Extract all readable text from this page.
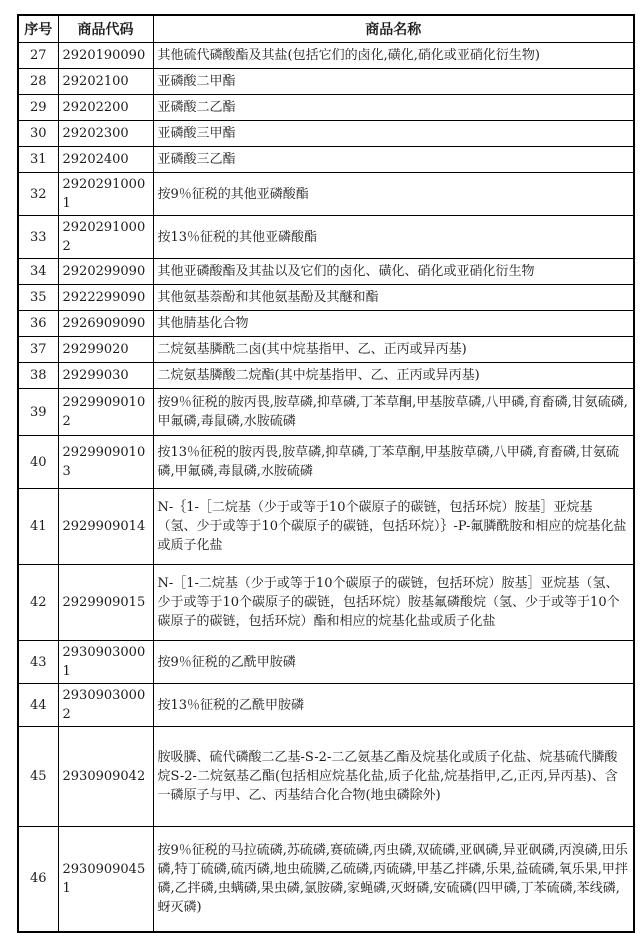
序号	商品代码	商品名称
27	2920190090	其他硫代磷酸酯及其盐(包括它们的卤化,磺化,硝化或亚硝化衍生物)
28	29202100	亚磷酸二甲酯
29	29202200	亚磷酸二乙酯
30	29202300	亚磷酸三甲酯
31	29202400	亚磷酸三乙酯
32	29202910001	按9％征税的其他亚磷酸酯
33	29202910002	按13％征税的其他亚磷酸酯
34	2920299090	其他亚磷酸酯及其盐以及它们的卤化、磺化、硝化或亚硝化衍生物
35	2922299090	其他氨基萘酚和其他氨基酚及其醚和酯
36	2926909090	其他腈基化合物
37	29299020	二烷氨基膦酰二卤(其中烷基指甲、乙、正丙或异丙基)
38	29299030	二烷氨基膦酸二烷酯(其中烷基指甲、乙、正丙或异丙基)
39	29299090102	按9％征税的胺丙畏,胺草磷,抑草磷,丁苯草酮,甲基胺草磷,八甲磷,育畜磷,甘氨硫磷,甲氟磷,毒鼠磷,水胺硫磷
40	29299090103	按13％征税的胺丙畏,胺草磷,抑草磷,丁苯草酮,甲基胺草磷,八甲磷,育畜磷,甘氨硫磷,甲氟磷,毒鼠磷,水胺硫磷
41	2929909014	N-｛1-［二烷基（少于或等于10个碳原子的碳链，包括环烷）胺基］亚烷基（氢、少于或等于10个碳原子的碳链，包括环烷）｝-P-氟膦酰胺和相应的烷基化盐或质子化盐
42	2929909015	N-［1-二烷基（少于或等于10个碳原子的碳链，包括环烷）胺基］亚烷基（氢、少于或等于10个碳原子的碳链，包括环烷）胺基氟磷酸烷（氢、少于或等于10个碳原子的碳链，包括环烷）酯和相应的烷基化盐或质子化盐
43	29309030001	按9％征税的乙酰甲胺磷
44	29309030002	按13％征税的乙酰甲胺磷
45	2930909042	胺吸膦、硫代磷酸二乙基-S-2-二乙氨基乙酯及烷基化或质子化盐、烷基硫代膦酸烷S-2-二烷氨基乙酯(包括相应烷基化盐,质子化盐,烷基指甲,乙,正丙,异丙基)、含一磷原子与甲、乙、丙基结合化合物(地虫磷除外)
46	29309090451	按9％征税的马拉硫磷,苏硫磷,赛硫磷,丙虫磷,双硫磷,亚砜磷,异亚砜磷,丙溴磷,田乐磷,特丁硫磷,硫丙磷,地虫硫膦,乙硫磷,丙硫磷,甲基乙拌磷,乐果,益硫磷,氧乐果,甲拌磷,乙拌磷,虫螨磷,果虫磷,氯胺磷,家蝇磷,灭蚜磷,安硫磷(四甲磷,丁苯硫磷,苯线磷,蚜灭磷)
